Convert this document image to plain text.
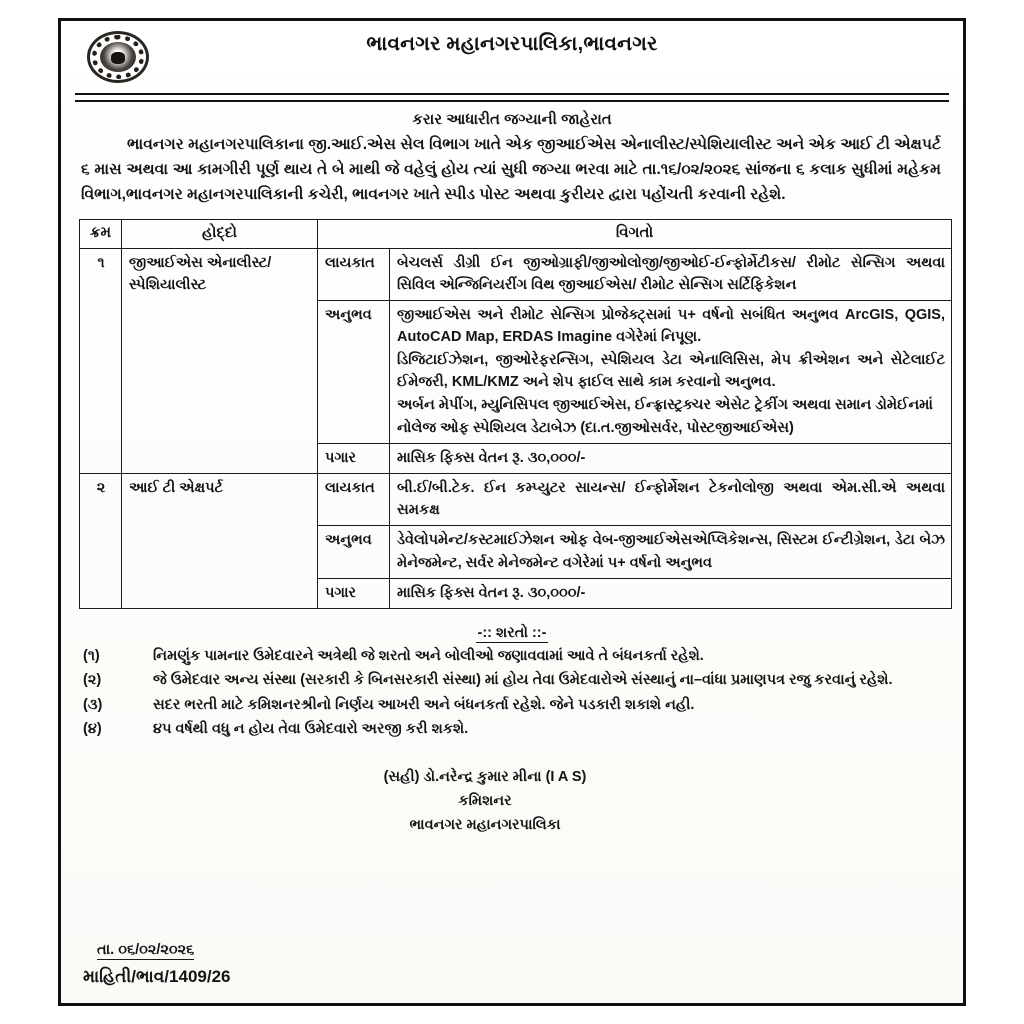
ભાવનગર મહાનગરપાલિકા,ભાવનગર
કરાર આધારીત જગ્યાની જાહેરાત
ભાવનગર મહાનગરપાલિકાના જી.આઈ.એસ સેલ વિભાગ ખાતે એક જીઆઈએસ એનાલીસ્ટ/સ્પેશિયાલીસ્ટ અને એક આઈ ટી એક્ષપર્ટ ૬ માસ અથવા આ કામગીરી પૂર્ણ થાય તે બે માથી જે વહેલું હોય ત્યાં સુધી જગ્યા ભરવા માટે તા.૧૬/૦૨/૨૦૨૬ સાંજના ૬ કલાક સુધીમાં મહેકમ વિભાગ,ભાવનગર મહાનગરપાલિકાની કચેરી, ભાવનગર ખાતે સ્પીડ પોસ્ટ અથવા કુરીયર દ્વારા પહોંચતી કરવાની રહેશે.
ક્રમ	હોદ્દો	વિગતો	
૧	જીઆઈએસ એનાલીસ્ટ/સ્પેશિયાલીસ્ટ	લાયકાત	બેચલર્સ ડીગ્રી ઈન જીઓગ્રાફી/જીઓલોજી/જીઓઈ-ઈન્ફોર્મેટીકસ/ રીમોટ સેન્સિગ અથવા સિવિલ એન્જિનિયરીંગ વિથ જીઆઈએસ/ રીમોટ સેન્સિગ સર્ટિફિકેશન

		અનુભવ	જીઆઈએસ અને રીમોટ સેન્સિગ પ્રોજેક્ટ્સમાં ૫+ વર્ષનો સબંધિત અનુભવ ArcGIS, QGIS, AutoCAD Map, ERDAS Imagine વગેરેમાં નિપૂણ.

ડિજિટાઈઝેશન, જીઓરેફરન્સિગ, સ્પેશિયલ ડેટા એનાલિસિસ, મેપ ક્રીએશન અને સેટેલાઈટ ઈમેજરી, KML/KMZ અને શેપ ફાઈલ સાથે કામ કરવાનો અનુભવ.

અર્બન મેપીંગ, મ્યુનિસિપલ જીઆઈએસ, ઈન્ફ્રાસ્ટ્રક્ચર એસેટ ટ્રેકીંગ અથવા સમાન ડોમેઈનમાં

નોલેજ ઓફ સ્પેશિયલ ડેટાબેઝ (દા.ત.જીઓસર્વર, પોસ્ટજીઆઈએસ)

		પગાર	માસિક ફિક્સ વેતન રૂ. ૩૦,૦૦૦/-

૨	આઈ ટી એક્ષપર્ટ	લાયકાત	બી.ઈ/બી.ટેક. ઈન કમ્પ્યુટર સાયન્સ/ ઈન્ફોર્મેશન ટેકનોલોજી અથવા એમ.સી.એ અથવા સમકક્ષ

		અનુભવ	ડેવેલોપમેન્ટ/કસ્ટમાઈઝેશન ઓફ વેબ-જીઆઈએસએપ્લિકેશન્સ, સિસ્ટમ ઈન્ટીગ્રેશન, ડેટા બેઝ મેનેજમેન્ટ, સર્વર મેનેજમેન્ટ વગેરેમાં ૫+ વર્ષનો અનુભવ

		પગાર	માસિક ફિક્સ વેતન રૂ. ૩૦,૦૦૦/-

-:: શરતો ::-
(૧)	નિમણુંક પામનાર ઉમેદવારને અત્રેથી જે શરતો અને બોલીઓ જણાવવામાં આવે તે બંધનકર્તા રહેશે.
(૨)	જે ઉમેદવાર અન્ય સંસ્થા (સરકારી કે બિનસરકારી સંસ્થા) માં હોય તેવા ઉમેદવારોએ સંસ્થાનું ના–વાંધા પ્રમાણપત્ર રજુ કરવાનું રહેશે.
(૩)	સદર ભરતી માટે કમિશનરશ્રીનો નિર્ણય આખરી અને બંધનકર્તા રહેશે. જેને પડકારી શકાશે નહી.
(૪)	૪૫ વર્ષથી વધુ ન હોય તેવા ઉમેદવારો અરજી કરી શકશે.
(સહી) ડો.નરેન્દ્ર કુમાર મીના (I A S)
કમિશનર
ભાવનગર મહાનગરપાલિકા
તા. ૦૬/૦૨/૨૦૨૬
માહિતી/ભાવ/1409/26
